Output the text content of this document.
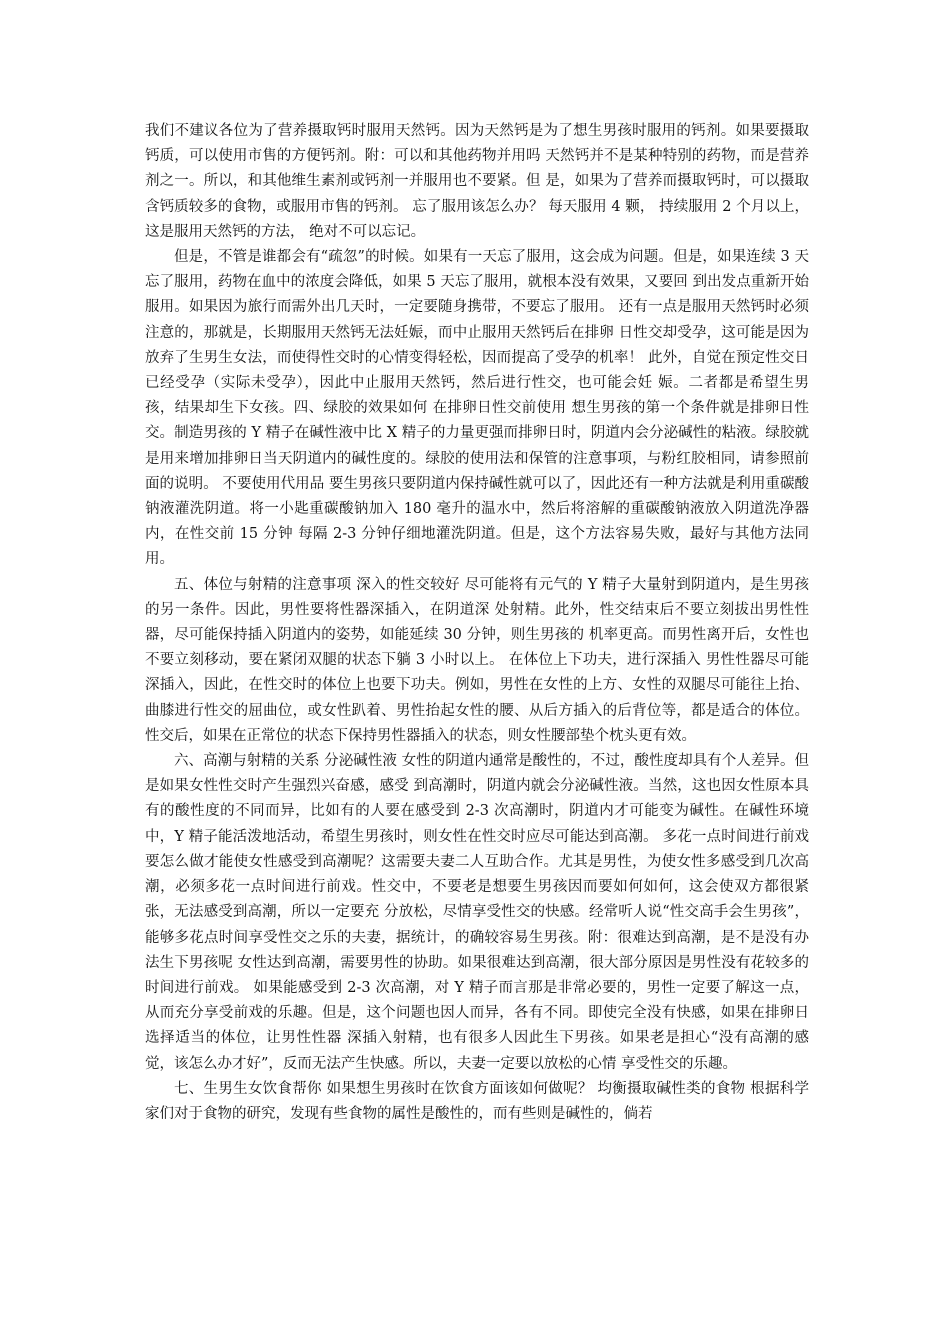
我们不建议各位为了营养摄取钙时服用天然钙。因为天然钙是为了想生男孩时服用的钙剂。如果要摄取 钙质，可以使用市售的方便钙剂。附：可以和其他药物并用吗 天然钙并不是某种特别的药物，而是营养剂之一。所以，和其他维生素剂或钙剂一并服用也不要紧。但 是，如果为了营养而摄取钙时，可以摄取含钙质较多的食物，或服用市售的钙剂。 忘了服用该怎么办？ 每天服用 4 颗， 持续服用 2 个月以上， 这是服用天然钙的方法， 绝对不可以忘记。

但是，不管是谁都会有“疏忽”的时候。如果有一天忘了服用，这会成为问题。但是，如果连续 3 天忘了服用，药物在血中的浓度会降低，如果 5 天忘了服用，就根本没有效果，又要回 到出发点重新开始服用。如果因为旅行而需外出几天时，一定要随身携带，不要忘了服用。 还有一点是服用天然钙时必须注意的，那就是，长期服用天然钙无法妊娠，而中止服用天然钙后在排卵 日性交却受孕，这可能是因为放弃了生男生女法，而使得性交时的心情变得轻松，因而提高了受孕的机率！ 此外，自觉在预定性交日已经受孕（实际未受孕），因此中止服用天然钙，然后进行性交，也可能会妊 娠。二者都是希望生男孩，结果却生下女孩。四、绿胶的效果如何 在排卵日性交前使用 想生男孩的第一个条件就是排卵日性交。制造男孩的 Y 精子在碱性液中比 X 精子的力量更强而排卵日时，阴道内会分泌碱性的粘液。绿胶就是用来增加排卵日当天阴道内的碱性度的。绿胶的使用法和保管的注意事项，与粉红胶相同，请参照前面的说明。 不要使用代用品 要生男孩只要阴道内保持碱性就可以了，因此还有一种方法就是利用重碳酸钠液灌洗阴道。将一小匙重碳酸钠加入 180 毫升的温水中，然后将溶解的重碳酸钠液放入阴道洗净器内，在性交前 15 分钟 每隔 2-3 分钟仔细地灌洗阴道。但是，这个方法容易失败，最好与其他方法同用。

五、体位与射精的注意事项 深入的性交较好 尽可能将有元气的 Y 精子大量射到阴道内，是生男孩的另一条件。因此，男性要将性器深插入，在阴道深 处射精。此外，性交结束后不要立刻拔出男性性器，尽可能保持插入阴道内的姿势，如能延续 30 分钟，则生男孩的 机率更高。而男性离开后，女性也不要立刻移动，要在紧闭双腿的状态下躺 3 小时以上。 在体位上下功夫，进行深插入 男性性器尽可能深插入，因此，在性交时的体位上也要下功夫。例如，男性在女性的上方、女性的双腿尽可能往上抬、曲膝进行性交的屈曲位，或女性趴着、男性抬起女性的腰、从后方插入的后背位等，都是适合的体位。 性交后，如果在正常位的状态下保持男性器插入的状态，则女性腰部垫个枕头更有效。

六、高潮与射精的关系 分泌碱性液 女性的阴道内通常是酸性的，不过，酸性度却具有个人差异。但是如果女性性交时产生强烈兴奋感，感受 到高潮时，阴道内就会分泌碱性液。当然，这也因女性原本具有的酸性度的不同而异，比如有的人要在感受到 2-3 次高潮时，阴道内才可能变为碱性。在碱性环境中，Y 精子能活泼地活动，希望生男孩时，则女性在性交时应尽可能达到高潮。 多花一点时间进行前戏 要怎么做才能使女性感受到高潮呢？这需要夫妻二人互助合作。尤其是男性，为使女性多感受到几次高潮，必须多花一点时间进行前戏。性交中，不要老是想要生男孩因而要如何如何，这会使双方都很紧张，无法感受到高潮，所以一定要充 分放松，尽情享受性交的快感。经常听人说“性交高手会生男孩”，能够多花点时间享受性交之乐的夫妻，据统计，的确较容易生男孩。附：很难达到高潮，是不是没有办法生下男孩呢 女性达到高潮，需要男性的协助。如果很难达到高潮，很大部分原因是男性没有花较多的时间进行前戏。 如果能感受到 2-3 次高潮，对 Y 精子而言那是非常必要的，男性一定要了解这一点，从而充分享受前戏的乐趣。但是，这个问题也因人而异，各有不同。即使完全没有快感，如果在排卵日选择适当的体位，让男性性器 深插入射精，也有很多人因此生下男孩。如果老是担心“没有高潮的感觉，该怎么办才好”，反而无法产生快感。所以，夫妻一定要以放松的心情 享受性交的乐趣。

七、生男生女饮食帮你 如果想生男孩时在饮食方面该如何做呢？ 均衡摄取碱性类的食物 根据科学家们对于食物的研究，发现有些食物的属性是酸性的，而有些则是碱性的，倘若
